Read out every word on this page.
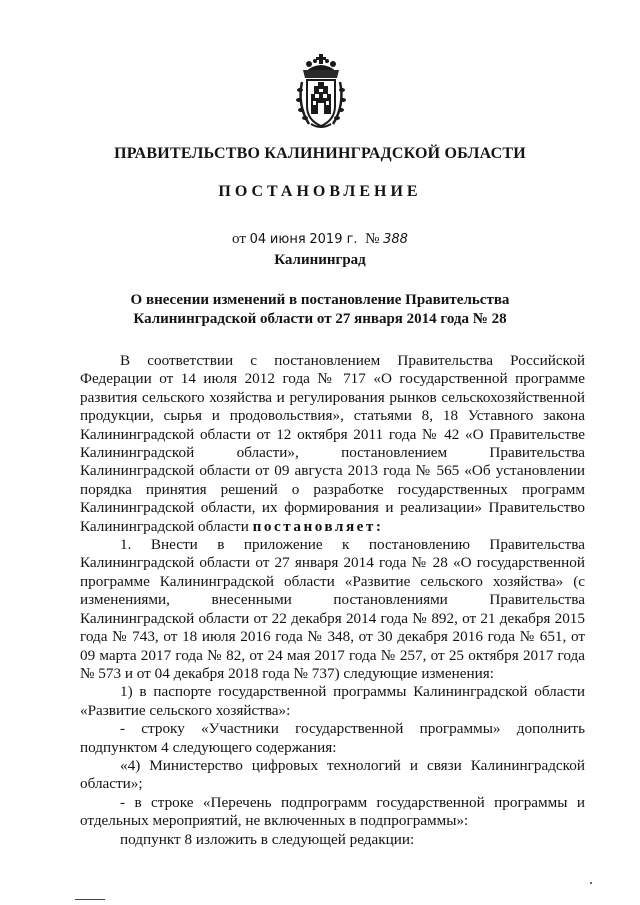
ПРАВИТЕЛЬСТВО КАЛИНИНГРАДСКОЙ ОБЛАСТИ
ПОСТАНОВЛЕНИЕ
от 04 июня 2019 г. № 388
Калининград
О внесении изменений в постановление Правительства
Калининградской области от 27 января 2014 года № 28

В соответствии с постановлением Правительства Российской Федерации от 14 июля 2012 года № 717 «О государственной программе развития сельского хозяйства и регулирования рынков сельскохозяйственной продукции, сырья и продовольствия», статьями 8, 18 Уставного закона Калининградской области от 12 октября 2011 года № 42 «О Правительстве Калининградской области», постановлением Правительства Калининградской области от 09 августа 2013 года № 565 «Об установлении порядка принятия решений о разработке государственных программ Калининградской области, их формирования и реализации» Правительство Калининградской области постановляет:

1. Внести в приложение к постановлению Правительства Калининградской области от 27 января 2014 года № 28 «О государственной программе Калининградской области «Развитие сельского хозяйства» (с изменениями, внесенными постановлениями Правительства Калининградской области от 22 декабря 2014 года № 892, от 21 декабря 2015 года № 743, от 18 июля 2016 года № 348, от 30 декабря 2016 года № 651, от 09 марта 2017 года № 82, от 24 мая 2017 года № 257, от 25 октября 2017 года № 573 и от 04 декабря 2018 года № 737) следующие изменения:

1) в паспорте государственной программы Калининградской области «Развитие сельского хозяйства»:

- строку «Участники государственной программы» дополнить подпунктом 4 следующего содержания:

«4) Министерство цифровых технологий и связи Калининградской области»;

- в строке «Перечень подпрограмм государственной программы и отдельных мероприятий, не включенных в подпрограммы»:

подпункт 8 изложить в следующей редакции:
